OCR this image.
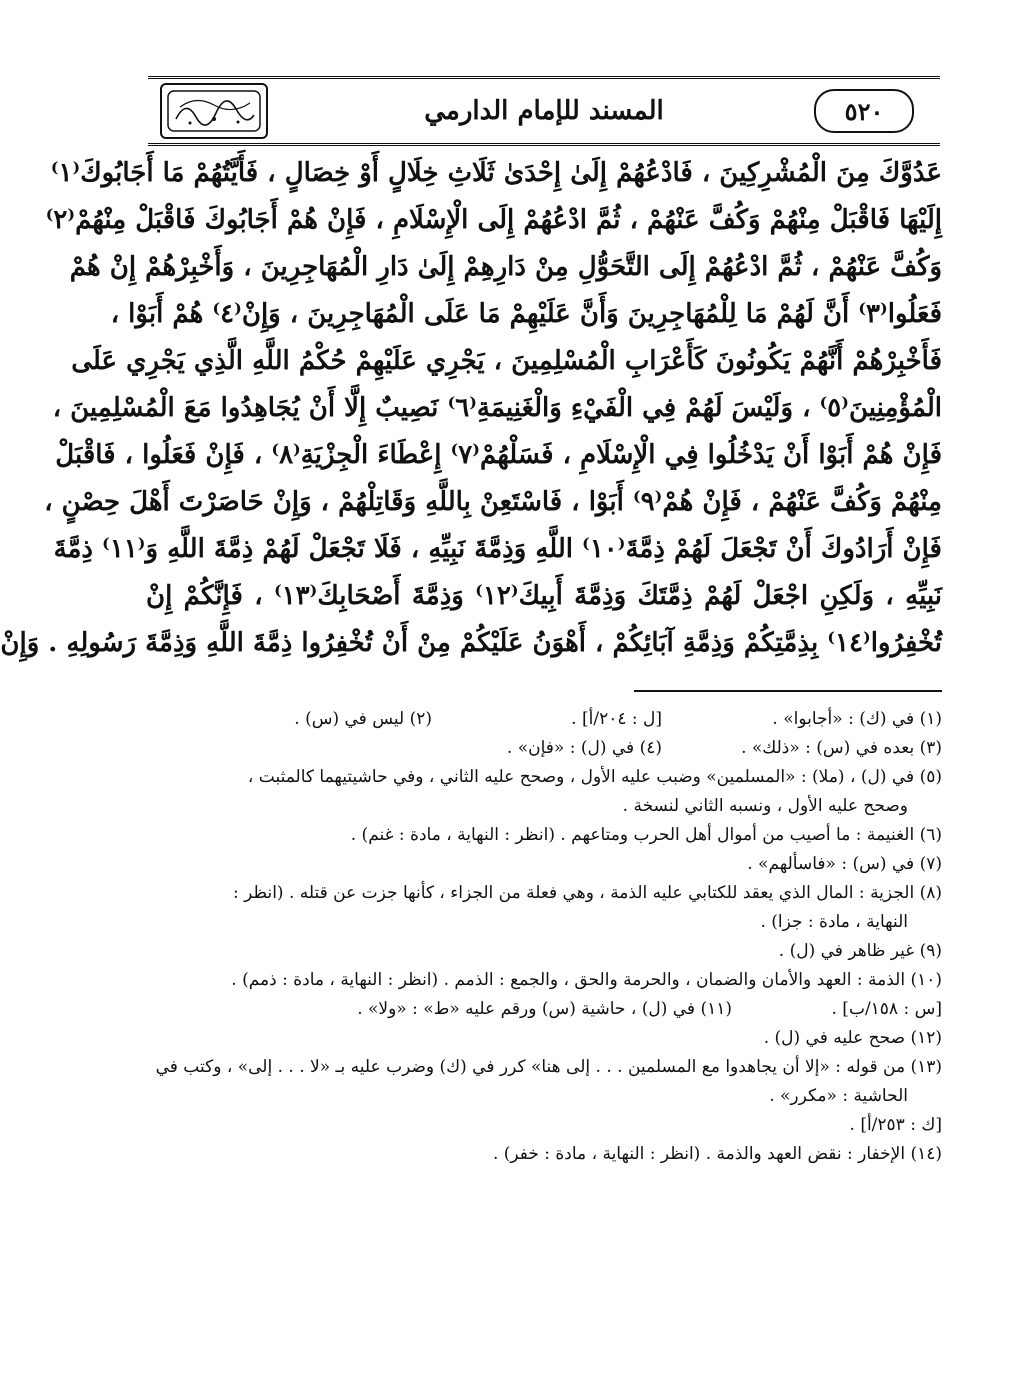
٥٢٠
المسند للإمام الدارمي
عَدُوَّكَ مِنَ الْمُشْرِكِينَ ، فَادْعُهُمْ إِلَىٰ إِحْدَىٰ ثَلَاثِ خِلَالٍ أَوْ خِصَالٍ ، فَأَيَّتُهُمْ مَا أَجَابُوكَ⁽١⁾
إِلَيْهَا فَاقْبَلْ مِنْهُمْ وَكُفَّ عَنْهُمْ ، ثُمَّ ادْعُهُمْ إِلَى الْإِسْلَامِ ، فَإِنْ هُمْ أَجَابُوكَ فَاقْبَلْ مِنْهُمْ⁽٢⁾
وَكُفَّ عَنْهُمْ ، ثُمَّ ادْعُهُمْ إِلَى التَّحَوُّلِ مِنْ دَارِهِمْ إِلَىٰ دَارِ الْمُهَاجِرِينَ ، وَأَخْبِرْهُمْ إِنْ هُمْ
فَعَلُوا⁽٣⁾ أَنَّ لَهُمْ مَا لِلْمُهَاجِرِينَ وَأَنَّ عَلَيْهِمْ مَا عَلَى الْمُهَاجِرِينَ ، وَإِنْ⁽٤⁾ هُمْ أَبَوْا ،
فَأَخْبِرْهُمْ أَنَّهُمْ يَكُونُونَ كَأَعْرَابِ الْمُسْلِمِينَ ، يَجْرِي عَلَيْهِمْ حُكْمُ اللَّهِ الَّذِي يَجْرِي عَلَى
الْمُؤْمِنِينَ⁽٥⁾ ، وَلَيْسَ لَهُمْ فِي الْفَيْءِ وَالْغَنِيمَةِ⁽٦⁾ نَصِيبٌ إِلَّا أَنْ يُجَاهِدُوا مَعَ الْمُسْلِمِينَ ،
فَإِنْ هُمْ أَبَوْا أَنْ يَدْخُلُوا فِي الْإِسْلَامِ ، فَسَلْهُمْ⁽٧⁾ إِعْطَاءَ الْجِزْيَةِ⁽٨⁾ ، فَإِنْ فَعَلُوا ، فَاقْبَلْ
مِنْهُمْ وَكُفَّ عَنْهُمْ ، فَإِنْ هُمْ⁽٩⁾ أَبَوْا ، فَاسْتَعِنْ بِاللَّهِ وَقَاتِلْهُمْ ، وَإِنْ حَاصَرْتَ أَهْلَ حِصْنٍ ،
فَإِنْ أَرَادُوكَ أَنْ تَجْعَلَ لَهُمْ ذِمَّةَ⁽١٠⁾ اللَّهِ وَذِمَّةَ نَبِيِّهِ ، فَلَا تَجْعَلْ لَهُمْ ذِمَّةَ اللَّهِ وَ⁽١١⁾ ذِمَّةَ
نَبِيِّهِ ، وَلَكِنِ اجْعَلْ لَهُمْ ذِمَّتَكَ وَذِمَّةَ أَبِيكَ⁽١٢⁾ وَذِمَّةَ أَصْحَابِكَ⁽١٣⁾ ، فَإِنَّكُمْ إِنْ
تُخْفِرُوا⁽١٤⁾ بِذِمَّتِكُمْ وَذِمَّةِ آبَائِكُمْ ، أَهْوَنُ عَلَيْكُمْ مِنْ أَنْ تُخْفِرُوا ذِمَّةَ اللَّهِ وَذِمَّةَ رَسُولِهِ . وَإِنْ
(١) في (ك) : «أجابوا» .
[ل : ٢٠٤/أ] .
(٢) ليس في (س) .
(٣) بعده في (س) : «ذلك» .
(٤) في (ل) : «فإن» .
(٥) في (ل) ، (ملا) : «المسلمين» وضبب عليه الأول ، وصحح عليه الثاني ، وفي حاشيتيهما كالمثبت ،
وصحح عليه الأول ، ونسبه الثاني لنسخة .
(٦) الغنيمة : ما أصيب من أموال أهل الحرب ومتاعهم . (انظر : النهاية ، مادة : غنم) .
(٧) في (س) : «فاسألهم» .
(٨) الجزية : المال الذي يعقد للكتابي عليه الذمة ، وهي فعلة من الجزاء ، كأنها جزت عن قتله . (انظر :
النهاية ، مادة : جزا) .
(٩) غير ظاهر في (ل) .
(١٠) الذمة : العهد والأمان والضمان ، والحرمة والحق ، والجمع : الذمم . (انظر : النهاية ، مادة : ذمم) .
[س : ١٥٨/ب] .
(١١) في (ل) ، حاشية (س) ورقم عليه «ط» : «ولا» .
(١٢) صحح عليه في (ل) .
(١٣) من قوله : «إلا أن يجاهدوا مع المسلمين . . . إلى هنا» كرر في (ك) وضرب عليه بـ «لا . . . إلى» ، وكتب في
الحاشية : «مكرر» .
[ك : ٢٥٣/أ] .
(١٤) الإخفار : نقض العهد والذمة . (انظر : النهاية ، مادة : خفر) .
